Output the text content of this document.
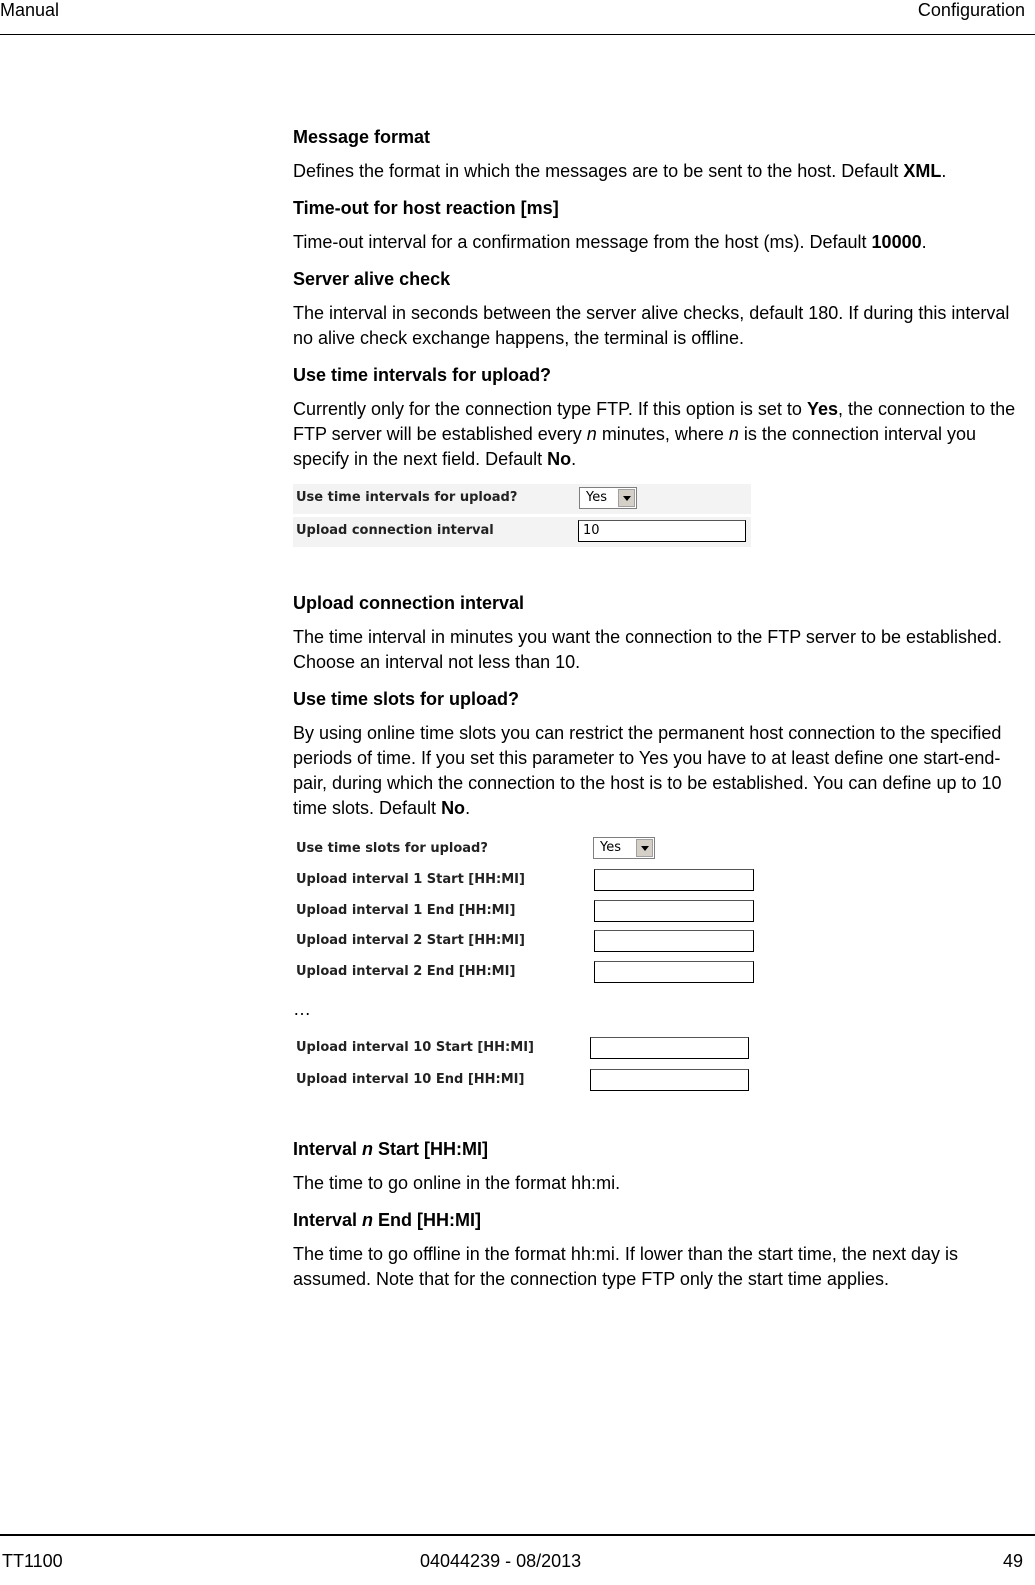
Manual	Configuration
Message format

Defines the format in which the messages are to be sent to the host. Default XML.

Time-out for host reaction [ms]

Time-out interval for a confirmation message from the host (ms). Default 10000.

Server alive check

The interval in seconds between the server alive checks, default 180. If during this interval no alive check exchange happens, the terminal is offline.

Use time intervals for upload?

Currently only for the connection type FTP. If this option is set to Yes, the connection to the FTP server will be established every n minutes, where n is the connection interval you specify in the next field. Default No.

Use time intervals for upload?	Yes
Upload connection interval	10
Upload connection interval

The time interval in minutes you want the connection to the FTP server to be established. Choose an interval not less than 10.

Use time slots for upload?

By using online time slots you can restrict the permanent host connection to the specified periods of time. If you set this parameter to Yes you have to at least define one start-end-pair, during which the connection to the host is to be established. You can define up to 10 time slots. Default No.

Use time slots for upload?	Yes
Upload interval 1 Start [HH:MI]
Upload interval 1 End [HH:MI]
Upload interval 2 Start [HH:MI]
Upload interval 2 End [HH:MI]
…
Upload interval 10 Start [HH:MI]
Upload interval 10 End [HH:MI]
Interval n Start [HH:MI]

The time to go online in the format hh:mi.

Interval n End [HH:MI]

The time to go offline in the format hh:mi. If lower than the start time, the next day is assumed. Note that for the connection type FTP only the start time applies.

TT1100	04044239 - 08/2013	49
